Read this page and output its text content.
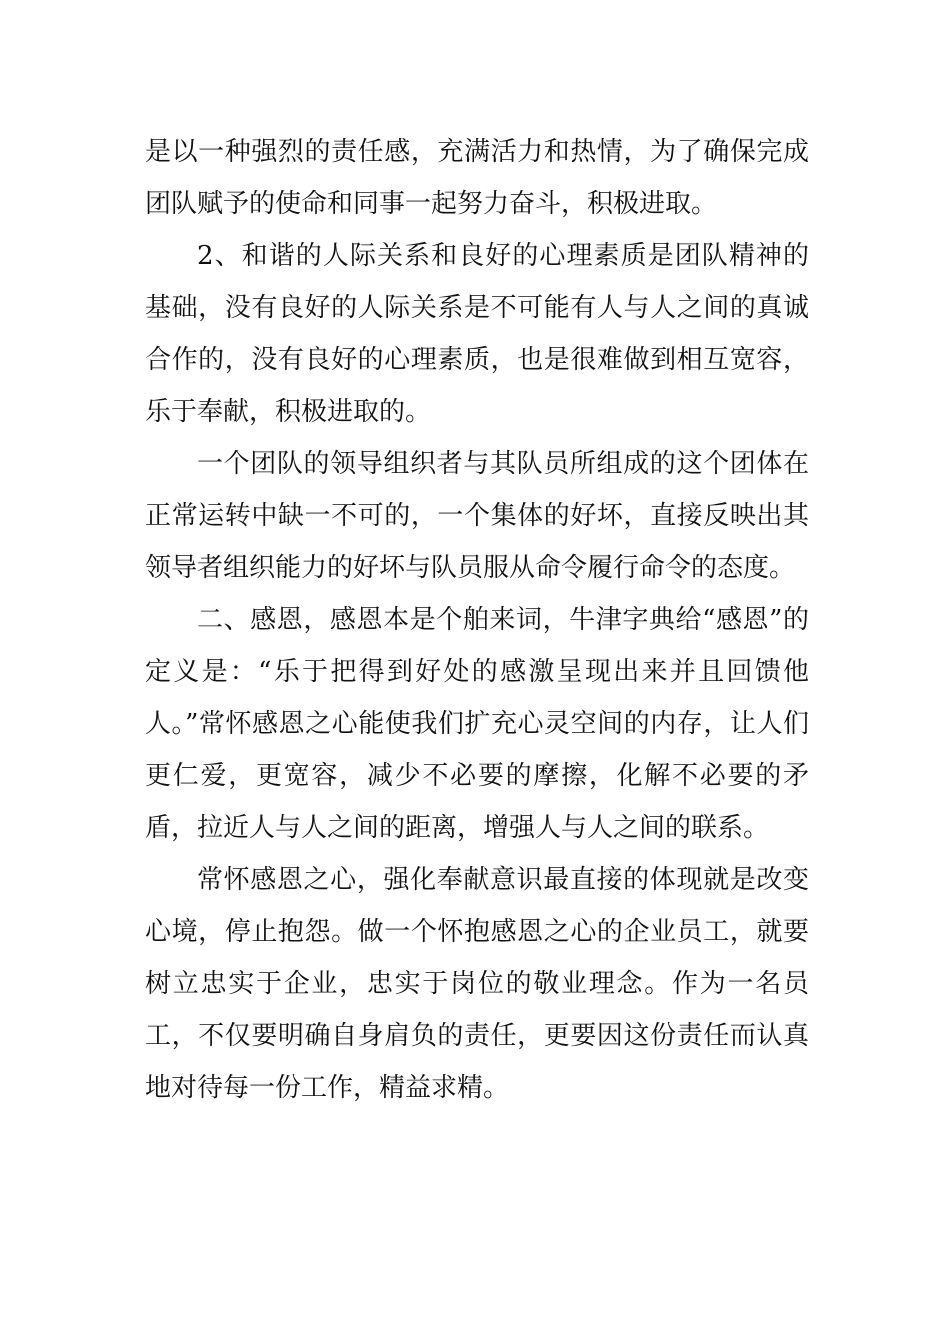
是以一种强烈的责任感，充满活力和热情，为了确保完成团队赋予的使命和同事一起努力奋斗，积极进取。

2、和谐的人际关系和良好的心理素质是团队精神的基础，没有良好的人际关系是不可能有人与人之间的真诚合作的，没有良好的心理素质，也是很难做到相互宽容，乐于奉献，积极进取的。

一个团队的领导组织者与其队员所组成的这个团体在正常运转中缺一不可的，一个集体的好坏，直接反映出其领导者组织能力的好坏与队员服从命令履行命令的态度。

二、感恩，感恩本是个舶来词，牛津字典给“感恩”的定义是：“乐于把得到好处的感激呈现出来并且回馈他人。”常怀感恩之心能使我们扩充心灵空间的内存，让人们更仁爱，更宽容，减少不必要的摩擦，化解不必要的矛盾，拉近人与人之间的距离，增强人与人之间的联系。

常怀感恩之心，强化奉献意识最直接的体现就是改变心境，停止抱怨。做一个怀抱感恩之心的企业员工，就要树立忠实于企业，忠实于岗位的敬业理念。作为一名员工，不仅要明确自身肩负的责任，更要因这份责任而认真地对待每一份工作，精益求精。
